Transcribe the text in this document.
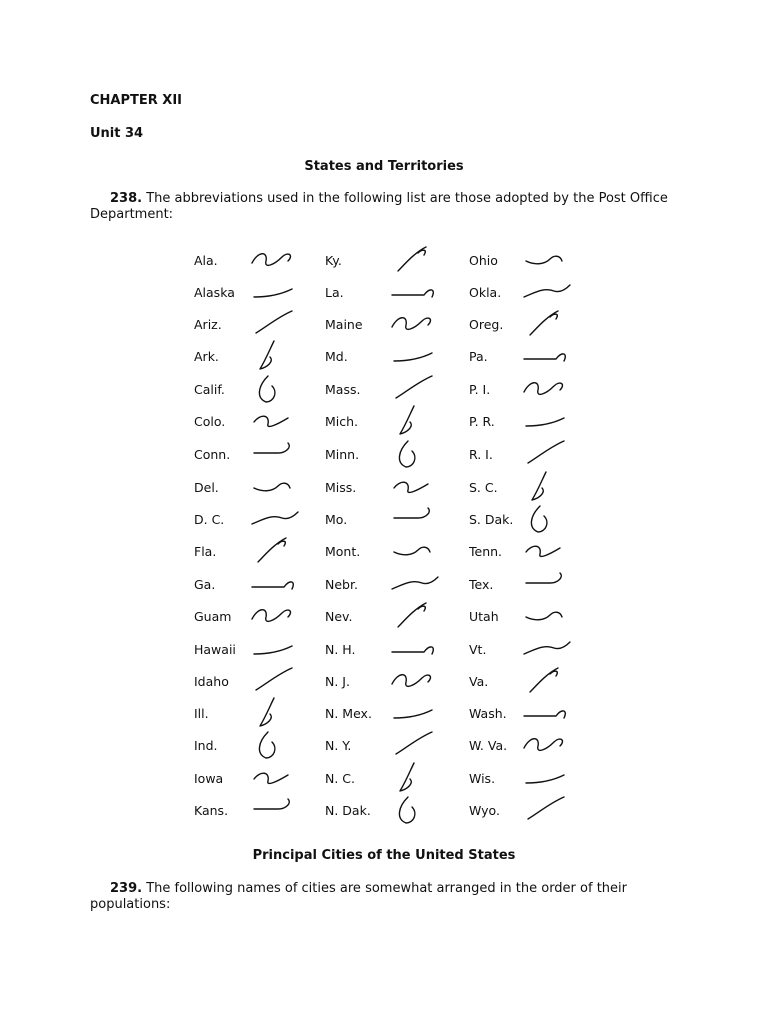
CHAPTER XII
Unit 34
States and Territories
238. The abbreviations used in the following list are those adopted by the Post Office Department:
Ala.
Alaska
Ariz.
Ark.
Calif.
Colo.
Conn.
Del.
D. C.
Fla.
Ga.
Guam
Hawaii
Idaho
Ill.
Ind.
Iowa
Kans.
Ky.
La.
Maine
Md.
Mass.
Mich.
Minn.
Miss.
Mo.
Mont.
Nebr.
Nev.
N. H.
N. J.
N. Mex.
N. Y.
N. C.
N. Dak.
Ohio
Okla.
Oreg.
Pa.
P. I.
P. R.
R. I.
S. C.
S. Dak.
Tenn.
Tex.
Utah
Vt.
Va.
Wash.
W. Va.
Wis.
Wyo.
Principal Cities of the United States
239. The following names of cities are somewhat arranged in the order of their populations:
